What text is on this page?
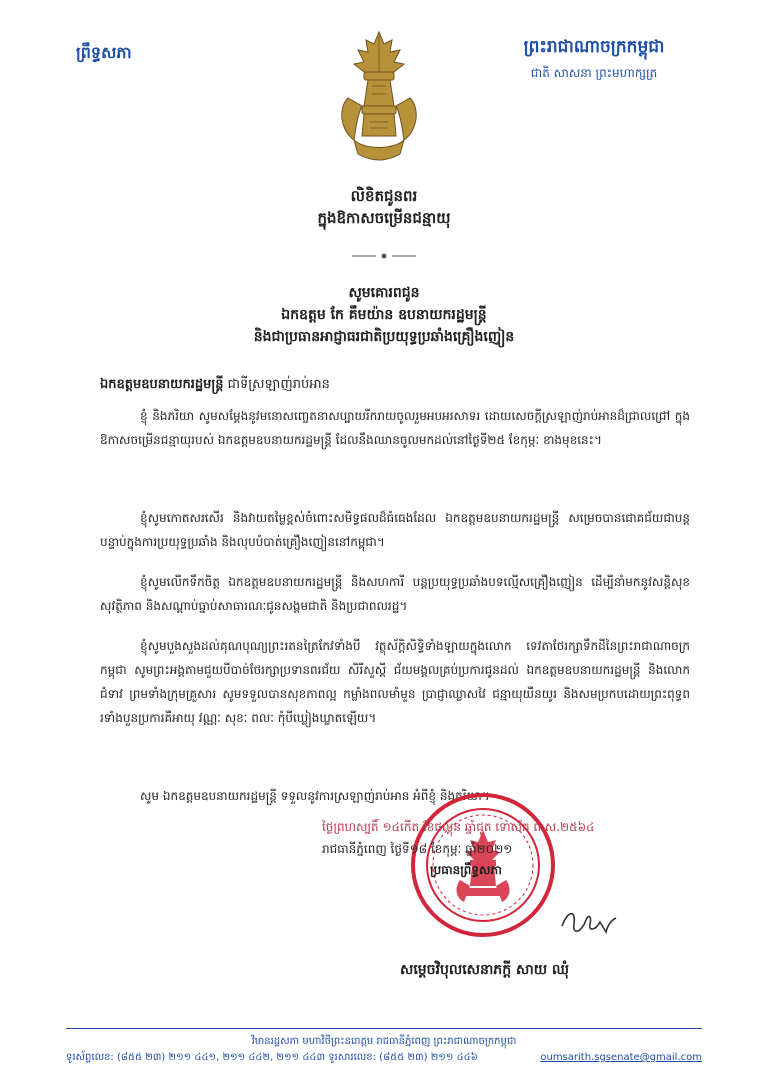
ព្រឹទ្ធសភា	ព្រះរាជាណាចក្រកម្ពុជា
ជាតិ សាសនា ព្រះមហាក្សត្រ
លិខិតជូនពរ
ក្នុងឱកាសចម្រើនជន្មាយុ
សូមគោរពជូន
ឯកឧត្តម កែ គឹមយ៉ាន ឧបនាយករដ្ឋមន្ត្រី
និងជាប្រធានអាជ្ញាធរជាតិប្រយុទ្ធប្រឆាំងគ្រឿងញៀន
ឯកឧត្តមឧបនាយករដ្ឋមន្ត្រី ជាទីស្រឡាញ់រាប់អាន
ខ្ញុំ និងភរិយា សូមសម្តែងនូវមនោសញ្ចេតនាសប្បាយរីករាយចូលរួមអបអរសាទរ ដោយសេចក្តីស្រឡាញ់រាប់អានដ៏ជ្រាលជ្រៅ ក្នុងឱកាសចម្រើនជន្មាយុរបស់ ឯកឧត្តមឧបនាយករដ្ឋមន្ត្រី ដែលនឹងឈានចូលមកដល់នៅថ្ងៃទី២៥ ខែកុម្ភៈ ខាងមុខនេះ។
ខ្ញុំសូមកោតសរសើរ និងវាយតម្លៃខ្ពស់ចំពោះសមិទ្ធផលដ៏ធំធេងដែល ឯកឧត្តមឧបនាយករដ្ឋមន្ត្រី សម្រេចបានជោគជ័យជាបន្តបន្ទាប់ក្នុងការប្រយុទ្ធប្រឆាំង និងលុបបំបាត់គ្រឿងញៀននៅកម្ពុជា។
ខ្ញុំសូមលើកទឹកចិត្ត ឯកឧត្តមឧបនាយករដ្ឋមន្ត្រី និងសហការី បន្តប្រយុទ្ធប្រឆាំងបទល្មើសគ្រឿងញៀន ដើម្បីនាំមកនូវសន្តិសុខ សុវត្ថិភាព និងសណ្តាប់ធ្នាប់សាធារណៈជូនសង្គមជាតិ និងប្រជាពលរដ្ឋ។
ខ្ញុំសូមបួងសួងដល់គុណបុណ្យព្រះរតនត្រៃកែវទាំងបី វត្ថុស័ក្តិសិទ្ធិទាំងឡាយក្នុងលោក ទេវតាថែរក្សាទឹកដីនៃព្រះរាជាណាចក្រកម្ពុជា សូមព្រះអង្គតាមជួយបីបាច់ថែរក្សាប្រទានពរជ័យ សិរីសួស្តី ជ័យមង្គលគ្រប់ប្រការជូនដល់ ឯកឧត្តមឧបនាយករដ្ឋមន្ត្រី និងលោកជំទាវ ព្រមទាំងក្រុមគ្រួសារ សូមទទួលបានសុខភាពល្អ កម្លាំងពលមាំមួន ប្រាជ្ញាឈ្លាសវៃ ជន្មាយុយឺនយូរ និងសមប្រកបដោយព្រះពុទ្ធពរទាំងបួនប្រការគឺអាយុ វណ្ណៈ សុខៈ ពលៈ កុំបីឃ្លៀងឃ្លាតឡើយ។
សូម ឯកឧត្តមឧបនាយករដ្ឋមន្ត្រី ទទួលនូវការស្រឡាញ់រាប់អាន អំពីខ្ញុំ និងភរិយា។
ថ្ងៃព្រហស្បតិ៍ ១៤កើត ខែផល្គុន ឆ្នាំជូត ទោស័ក ព.ស.២៥៦៤
រាជធានីភ្នំពេញ ថ្ងៃទី១៨ ខែកុម្ភៈ ឆ្នាំ២០២១
ប្រធានព្រឹទ្ធសភា
សម្តេចវិបុលសេនាភក្តី សាយ ឈុំ
វិមានរដ្ឋសភា មហាវិថីព្រះនរោត្តម រាជធានីភ្នំពេញ ព្រះរាជាណាចក្រកម្ពុជា
ទូរស័ព្ទលេខ: (៨៥៥ ២៣) ២១១ ៤៤១, ២១១ ៤៤២, ២១១ ៤៤៣ ទូរសារលេខ: (៨៥៥ ២៣) ២១១ ៤៤៦	oumsarith.sgsenate@gmail.com
